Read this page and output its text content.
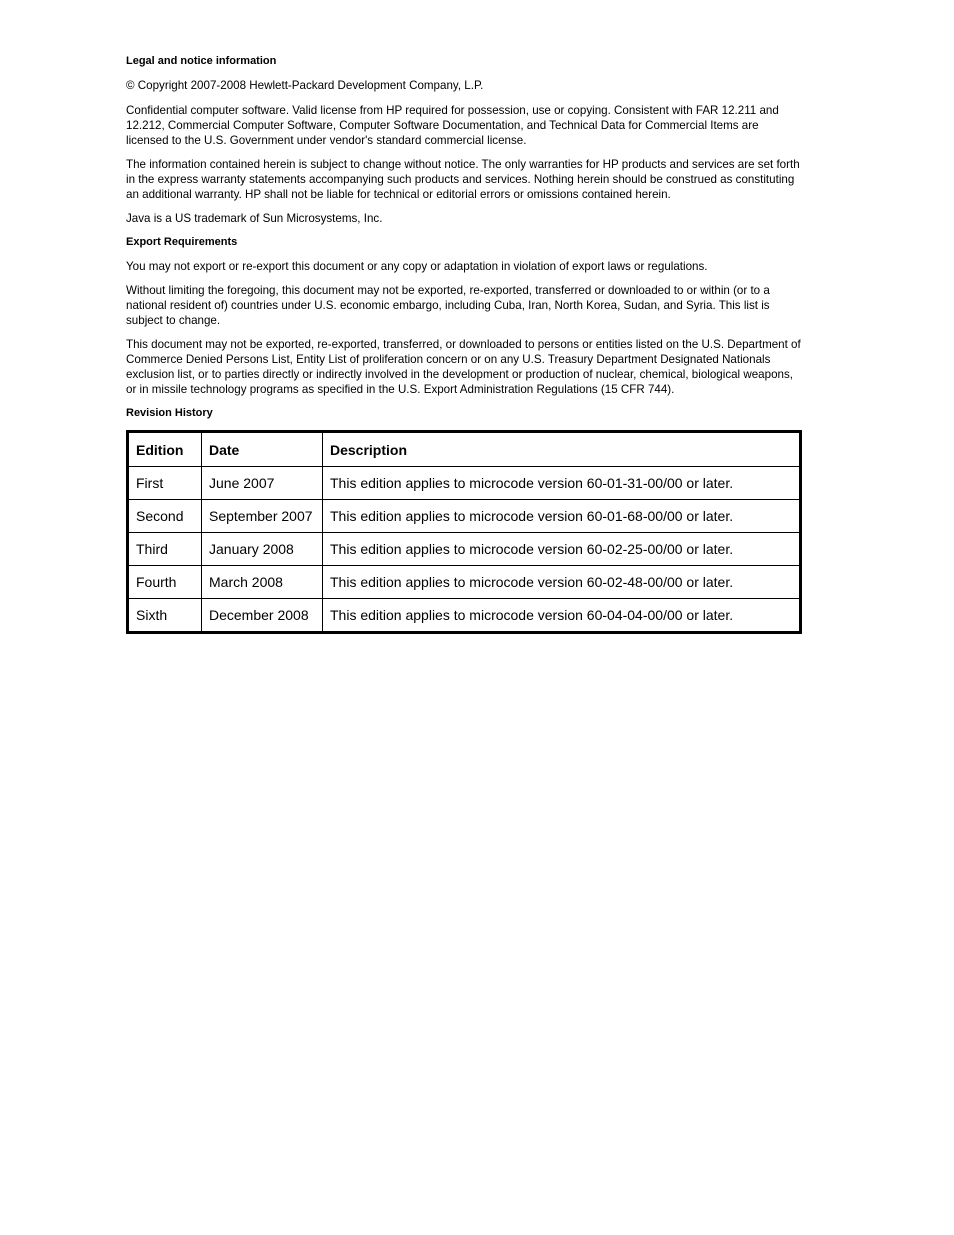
Legal and notice information
© Copyright 2007-2008 Hewlett-Packard Development Company, L.P.
Confidential computer software. Valid license from HP required for possession, use or copying. Consistent with FAR 12.211 and 12.212, Commercial Computer Software, Computer Software Documentation, and Technical Data for Commercial Items are licensed to the U.S. Government under vendor's standard commercial license.
The information contained herein is subject to change without notice. The only warranties for HP products and services are set forth in the express warranty statements accompanying such products and services. Nothing herein should be construed as constituting an additional warranty. HP shall not be liable for technical or editorial errors or omissions contained herein.
Java is a US trademark of Sun Microsystems, Inc.
Export Requirements
You may not export or re-export this document or any copy or adaptation in violation of export laws or regulations.
Without limiting the foregoing, this document may not be exported, re-exported, transferred or downloaded to or within (or to a national resident of) countries under U.S. economic embargo, including Cuba, Iran, North Korea, Sudan, and Syria. This list is subject to change.
This document may not be exported, re-exported, transferred, or downloaded to persons or entities listed on the U.S. Department of Commerce Denied Persons List, Entity List of proliferation concern or on any U.S. Treasury Department Designated Nationals exclusion list, or to parties directly or indirectly involved in the development or production of nuclear, chemical, biological weapons, or in missile technology programs as specified in the U.S. Export Administration Regulations (15 CFR 744).
Revision History
Edition	Date	Description
First	June 2007	This edition applies to microcode version 60-01-31-00/00 or later.
Second	September 2007	This edition applies to microcode version 60-01-68-00/00 or later.
Third	January 2008	This edition applies to microcode version 60-02-25-00/00 or later.
Fourth	March 2008	This edition applies to microcode version 60-02-48-00/00 or later.
Sixth	December 2008	This edition applies to microcode version 60-04-04-00/00 or later.
